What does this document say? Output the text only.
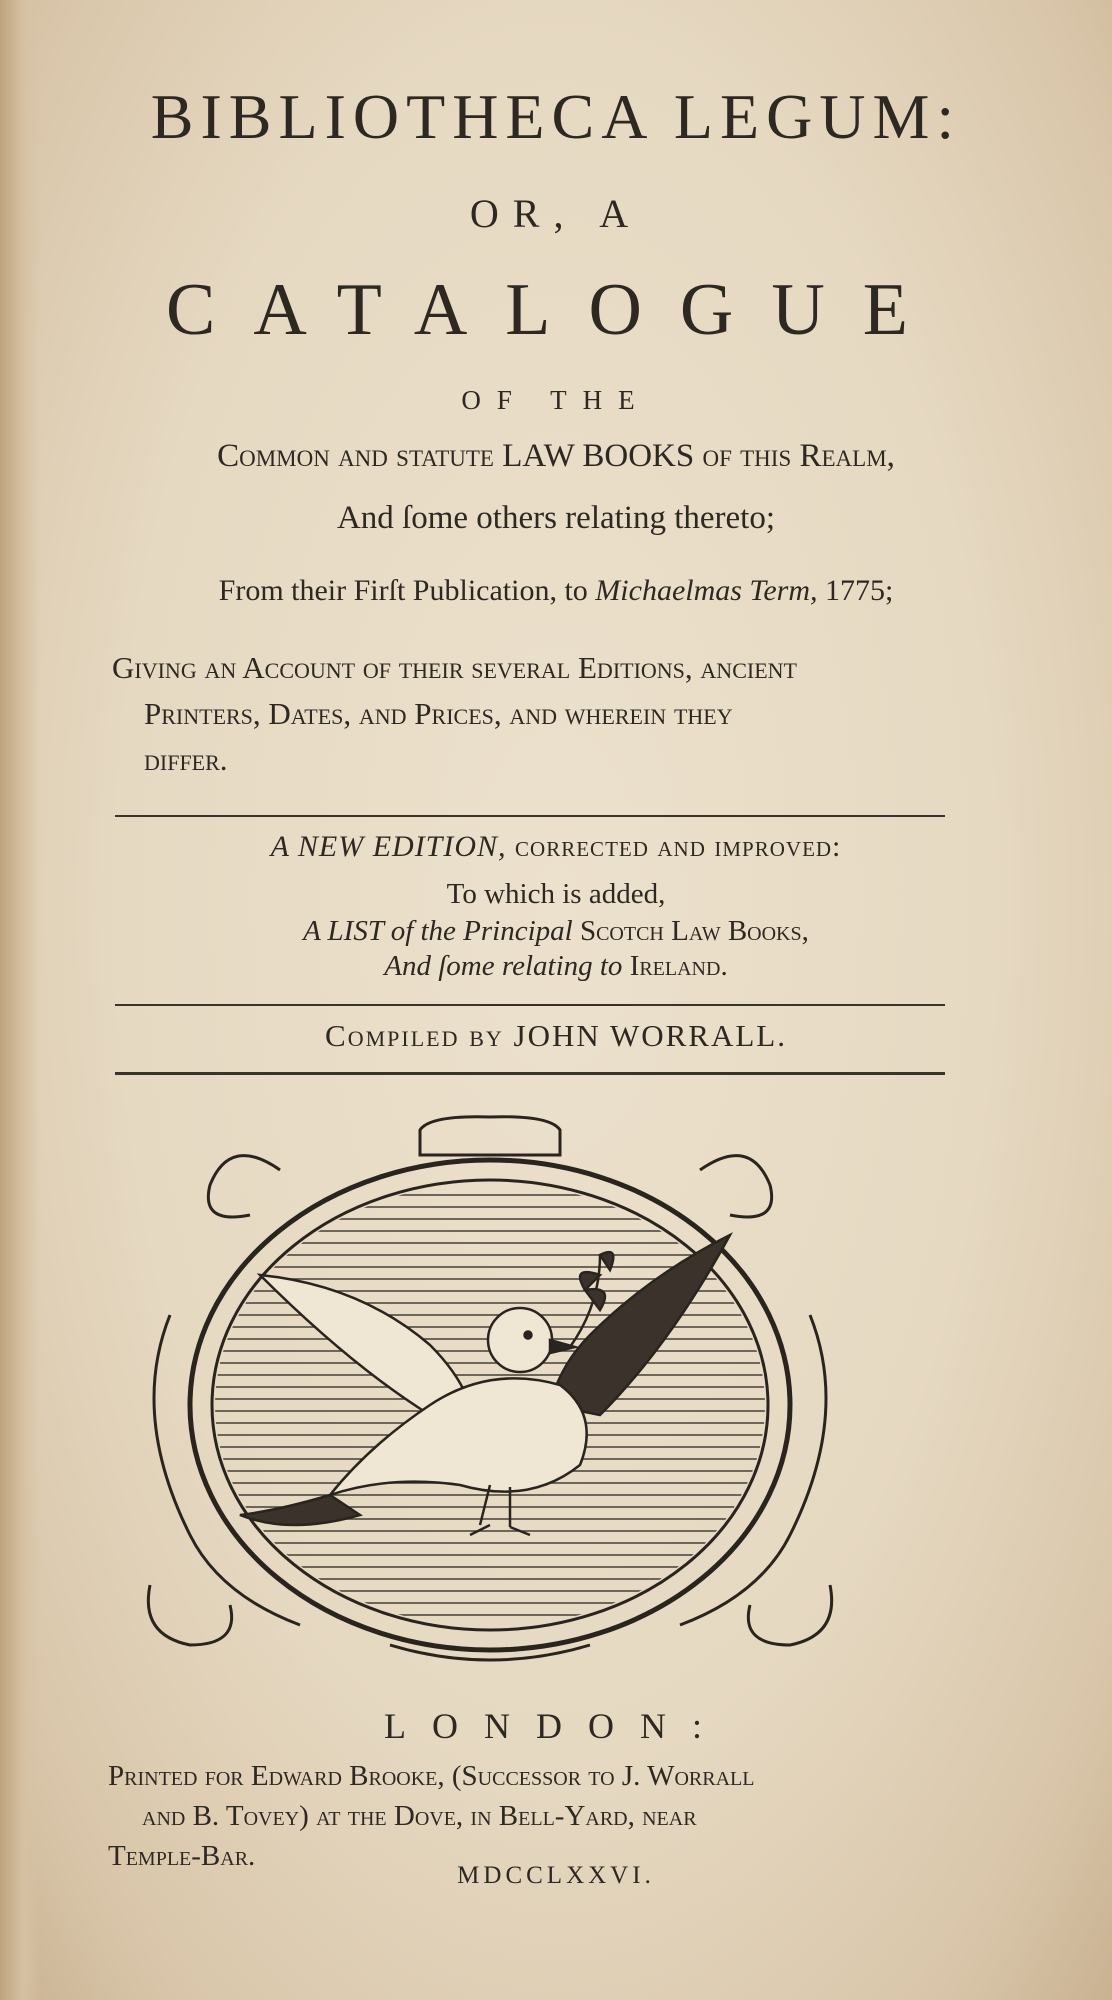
BIBLIOTHECA LEGUM:
OR, A
CATALOGUE
OF THE
Common and statute LAW BOOKS of this Realm,
And ſome others relating thereto;
From their Firſt Publication, to Michaelmas Term, 1775;
Giving an Account of their ſeveral Editions, ancient
Printers, Dates, and Prices, and wherein they
differ.
A NEW EDITION, corrected and improved:
To which is added,
A LIST of the Principal Scotch Law Books,
And ſome relating to Ireland.
Compiled by JOHN WORRALL.
LONDON:
Printed for Edward Brooke, (Succeſſor to J. Worrall
and B. Tovey) at the Dove, in Bell-Yard, near
Temple-Bar.
MDCCLXXVI.
